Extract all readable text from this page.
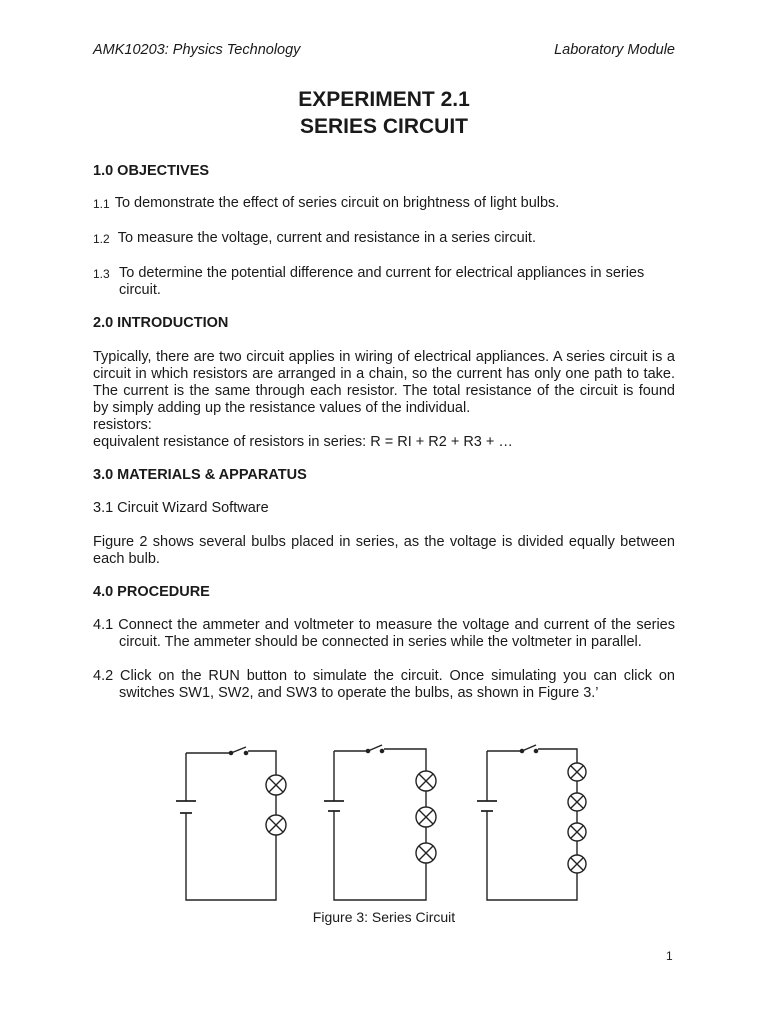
AMK10203: Physics Technology	Laboratory Module
EXPERIMENT 2.1
SERIES CIRCUIT

1.0 OBJECTIVES

1.1 To demonstrate the effect of series circuit on brightness of light bulbs.
1.2 To measure the voltage, current and resistance in a series circuit.
1.3 To determine the potential difference and current for electrical appliances in series circuit.

2.0 INTRODUCTION

Typically, there are two circuit applies in wiring of electrical appliances. A series circuit is a circuit in which resistors are arranged in a chain, so the current has only one path to take. The current is the same through each resistor. The total resistance of the circuit is found by simply adding up the resistance values of the individual.

resistors:

equivalent resistance of resistors in series: R = RI + R2 + R3 + …

3.0 MATERIALS & APPARATUS

3.1 Circuit Wizard Software

Figure 2 shows several bulbs placed in series, as the voltage is divided equally between each bulb.

4.0 PROCEDURE

4.1 Connect the ammeter and voltmeter to measure the voltage and current of the series circuit. The ammeter should be connected in series while the voltmeter in parallel.

4.2 Click on the RUN button to simulate the circuit. Once simulating you can click on switches SW1, SW2, and SW3 to operate the bulbs, as shown in Figure 3.’

Figure 3: Series Circuit
1
